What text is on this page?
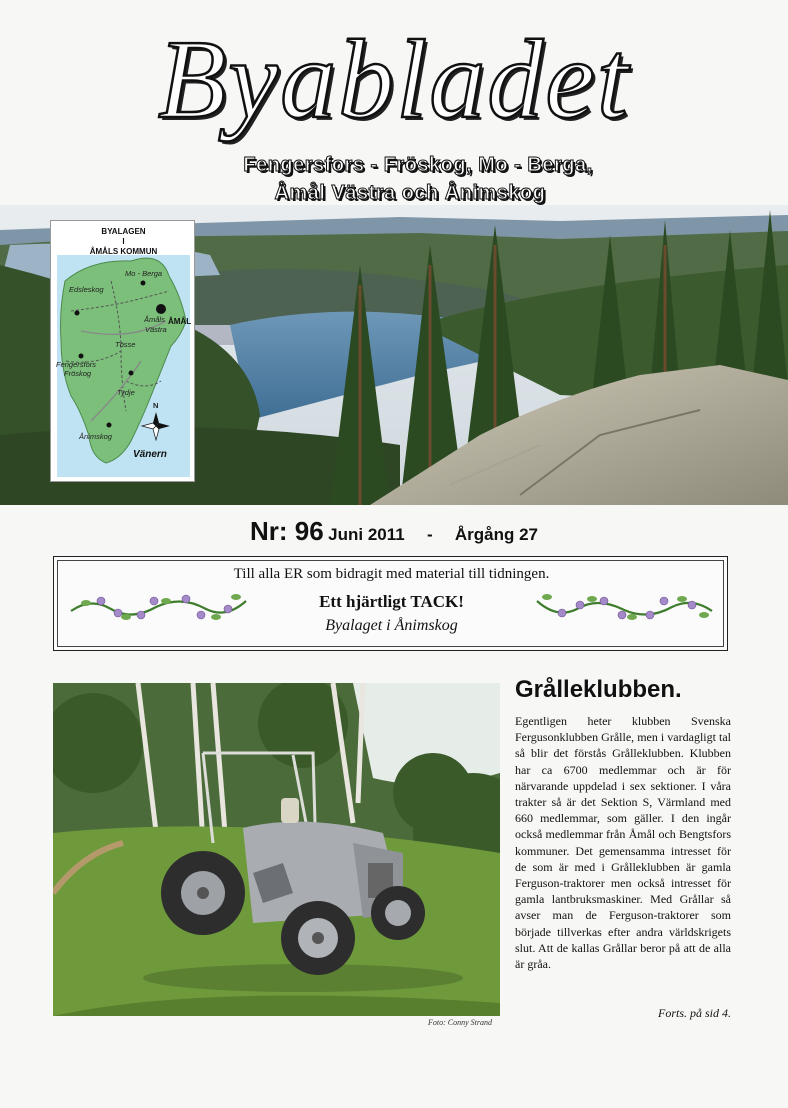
Byabladet
Fengersfors - Fröskog, Mo - Berga,
Åmål Västra och Ånimskog
BYALAGEN
I
ÅMÅLS KOMMUN
Mo - Berga
Edsleskog
Åmåls
Västra
ÅMÅL
Tösse
Fengersfors
Fröskog
Tydje
Ånimskog
N
Vänern
Nr: 96 Juni 2011 - Årgång 27
Till alla ER som bidragit med material till tidningen.
Ett hjärtligt TACK!
Byalaget i Ånimskog
Foto: Conny Strand
Grålleklubben.
Egentligen heter klubben Svenska Fergusonklubben Grålle, men i vardagligt tal så blir det förstås Grålleklubben. Klubben har ca 6700 medlemmar och är för närvarande uppdelad i sex sektioner. I våra trakter så är det Sektion S, Värmland med 660 medlemmar, som gäller. I den ingår också medlemmar från Åmål och Bengtsfors kommuner. Det gemensamma intresset för de som är med i Grålleklubben är gamla Ferguson-traktorer men också intresset för gamla lantbruksmaskiner. Med Grållar så avser man de Ferguson-traktorer som började tillverkas efter andra världskrigets slut. Att de kallas Grållar beror på att de alla är gråa.
Forts. på sid 4.
